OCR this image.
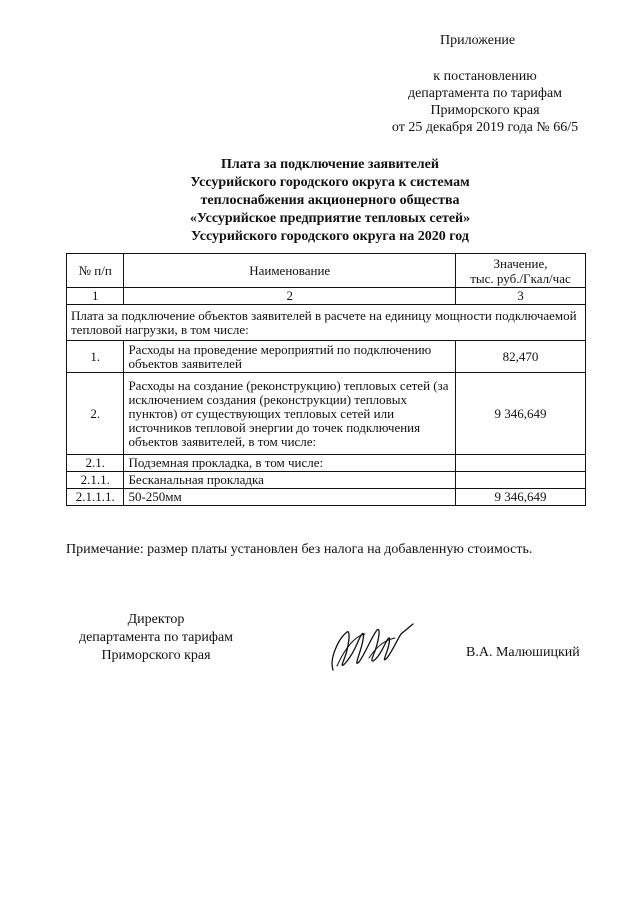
Приложение
к постановлению
департамента по тарифам
Приморского края
от 25 декабря 2019 года № 66/5
Плата за подключение заявителей
Уссурийского городского округа к системам
теплоснабжения акционерного общества
«Уссурийское предприятие тепловых сетей»
Уссурийского городского округа на 2020 год
№ п/п	Наименование	Значение,
тыс. руб./Гкал/час

1	2	3
Плата за подключение объектов заявителей в расчете на единицу мощности подключаемой тепловой нагрузки, в том числе:		
1.	Расходы на проведение мероприятий по подключению объектов заявителей	82,470
2.	Расходы на создание (реконструкцию) тепловых сетей (за исключением создания (реконструкции) тепловых пунктов) от существующих тепловых сетей или источников тепловой энергии до точек подключения объектов заявителей, в том числе:	9 346,649
2.1.	Подземная прокладка, в том числе:	
2.1.1.	Бесканальная прокладка	
2.1.1.1.	50-250мм	9 346,649
Примечание: размер платы установлен без налога на добавленную стоимость.
Директор
департамента по тарифам
Приморского края	В.А. Малюшицкий
